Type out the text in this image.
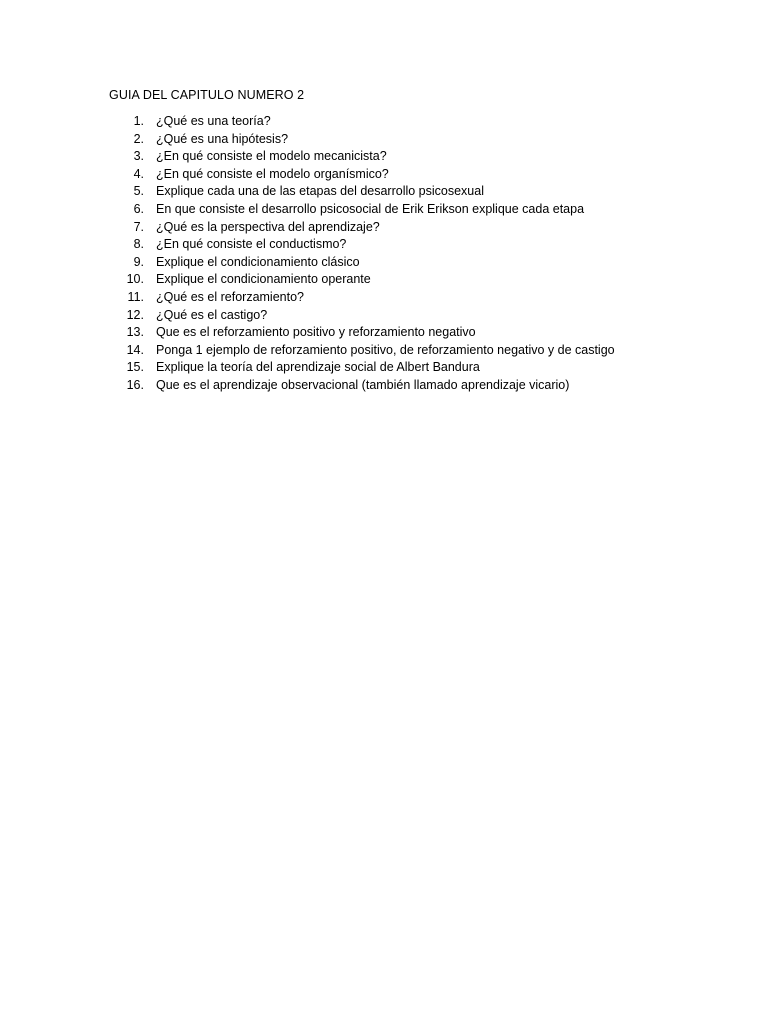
GUIA DEL CAPITULO NUMERO 2
1. ¿Qué es una teoría?
2. ¿Qué es una hipótesis?
3. ¿En qué consiste el modelo mecanicista?
4. ¿En qué consiste el modelo organísmico?
5. Explique cada una de las etapas del desarrollo psicosexual
6. En que consiste el desarrollo psicosocial de Erik Erikson explique cada etapa
7. ¿Qué es la perspectiva del aprendizaje?
8. ¿En qué consiste el conductismo?
9. Explique el condicionamiento clásico
10. Explique el condicionamiento operante
11. ¿Qué es el reforzamiento?
12. ¿Qué es el castigo?
13. Que es el reforzamiento positivo y reforzamiento negativo
14. Ponga 1 ejemplo de reforzamiento positivo, de reforzamiento negativo y de castigo
15. Explique la teoría del aprendizaje social de Albert Bandura
16. Que es el aprendizaje observacional (también llamado aprendizaje vicario)
